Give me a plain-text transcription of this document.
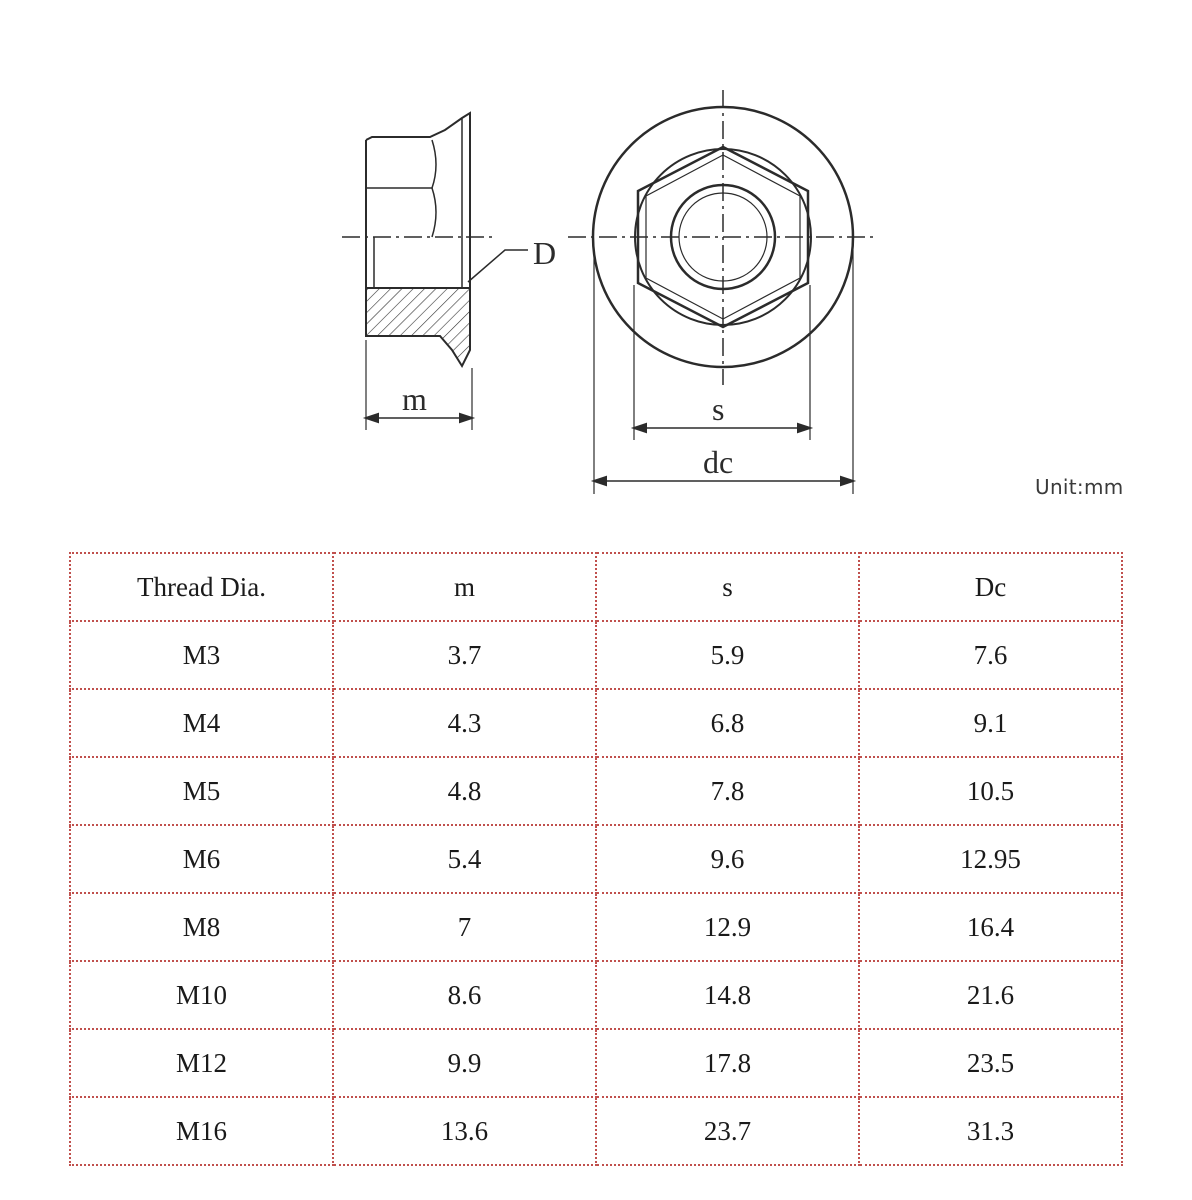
D
m	s
dc
Unit:mm
Thread Dia.	m	s	Dc
M3	3.7	5.9	7.6
M4	4.3	6.8	9.1
M5	4.8	7.8	10.5
M6	5.4	9.6	12.95
M8	7	12.9	16.4
M10	8.6	14.8	21.6
M12	9.9	17.8	23.5
M16	13.6	23.7	31.3
